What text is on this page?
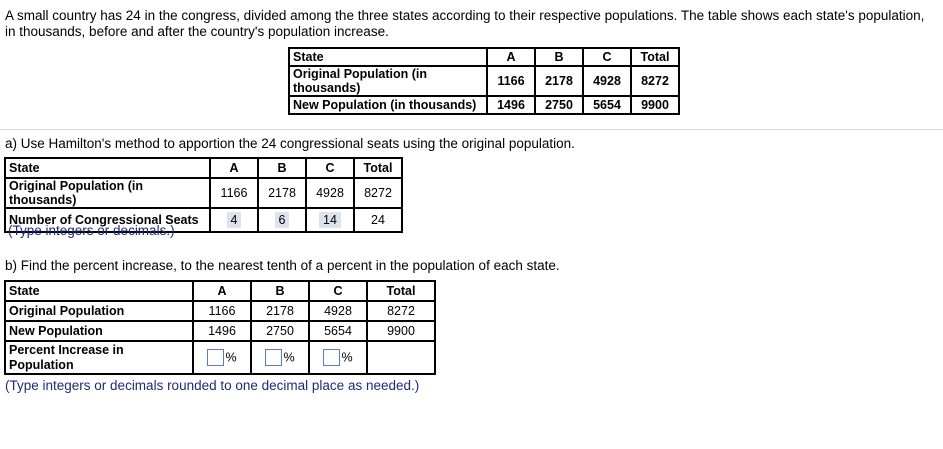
A small country has 24 in the congress, divided among the three states according to their respective populations. The table shows each state's population, in thousands, before and after the country's population increase.
State	A	B	C	Total
Original Population (in thousands)	1166	2178	4928	8272
New Population (in thousands)	1496	2750	5654	9900
a) Use Hamilton's method to apportion the 24 congressional seats using the original population.
State	A	B	C	Total
Original Population (in thousands)	1166	2178	4928	8272
Number of Congressional Seats	4	6	14	24
(Type integers or decimals.)
b) Find the percent increase, to the nearest tenth of a percent in the population of each state.
State	A	B	C	Total
Original Population	1166	2178	4928	8272
New Population	1496	2750	5654	9900
Percent Increase in Population	%	%	%	
(Type integers or decimals rounded to one decimal place as needed.)
